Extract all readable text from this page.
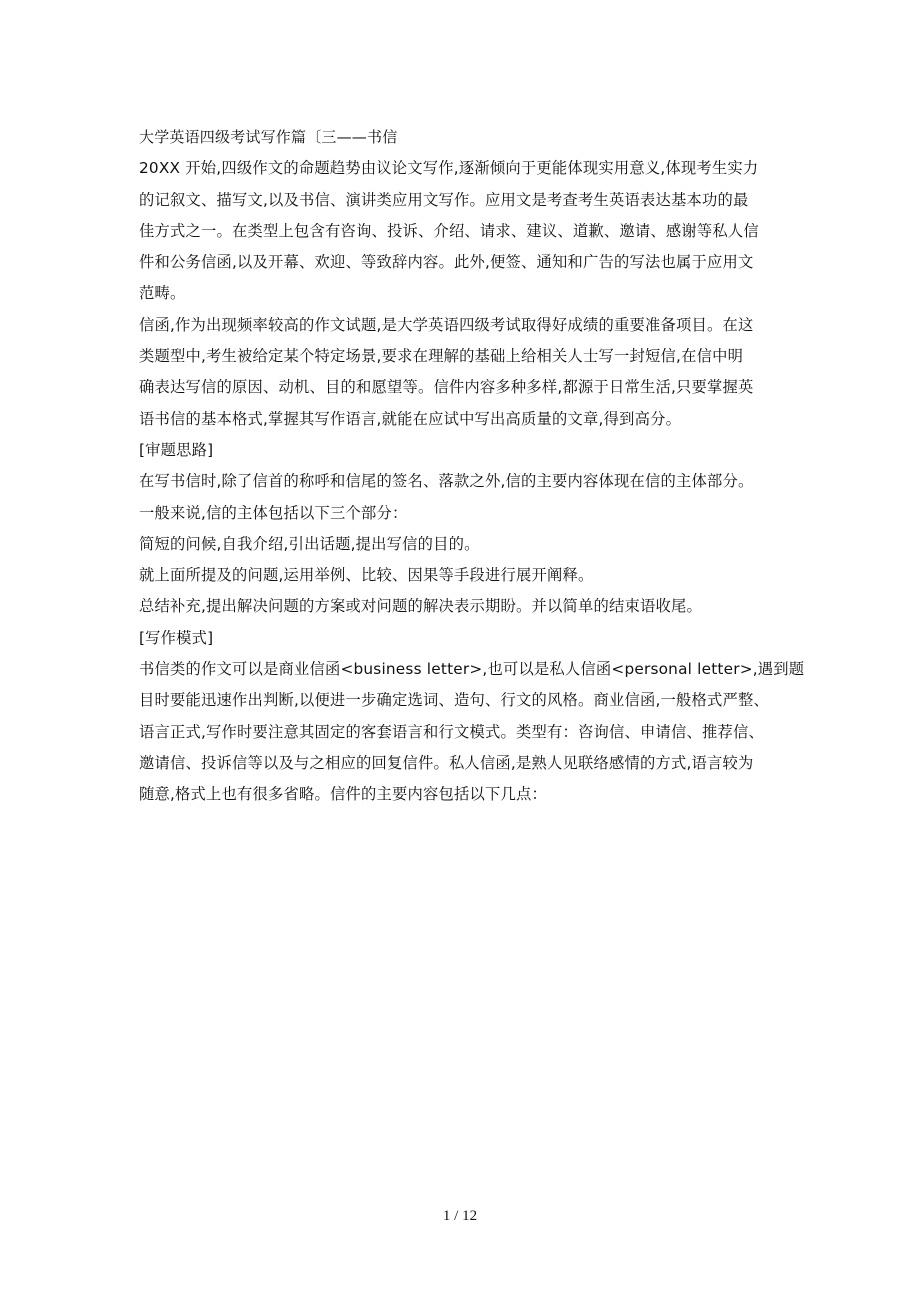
大学英语四级考试写作篇〔三——书信
20XX 开始,四级作文的命题趋势由议论文写作,逐渐倾向于更能体现实用意义,体现考生实力
的记叙文、描写文,以及书信、演讲类应用文写作。应用文是考查考生英语表达基本功的最
佳方式之一。在类型上包含有咨询、投诉、介绍、请求、建议、道歉、邀请、感谢等私人信
件和公务信函,以及开幕、欢迎、等致辞内容。此外,便签、通知和广告的写法也属于应用文
范畴。
信函,作为出现频率较高的作文试题,是大学英语四级考试取得好成绩的重要准备项目。在这
类题型中,考生被给定某个特定场景,要求在理解的基础上给相关人士写一封短信,在信中明
确表达写信的原因、动机、目的和愿望等。信件内容多种多样,都源于日常生活,只要掌握英
语书信的基本格式,掌握其写作语言,就能在应试中写出高质量的文章,得到高分。
[审题思路]
在写书信时,除了信首的称呼和信尾的签名、落款之外,信的主要内容体现在信的主体部分。
一般来说,信的主体包括以下三个部分：
简短的问候,自我介绍,引出话题,提出写信的目的。
就上面所提及的问题,运用举例、比较、因果等手段进行展开阐释。
总结补充,提出解决问题的方案或对问题的解决表示期盼。并以简单的结束语收尾。
[写作模式]
书信类的作文可以是商业信函<business letter>,也可以是私人信函<personal letter>,遇到题
目时要能迅速作出判断,以便进一步确定选词、造句、行文的风格。商业信函,一般格式严整、
语言正式,写作时要注意其固定的客套语言和行文模式。类型有：咨询信、申请信、推荐信、
邀请信、投诉信等以及与之相应的回复信件。私人信函,是熟人见联络感情的方式,语言较为
随意,格式上也有很多省略。信件的主要内容包括以下几点：
1 / 12
